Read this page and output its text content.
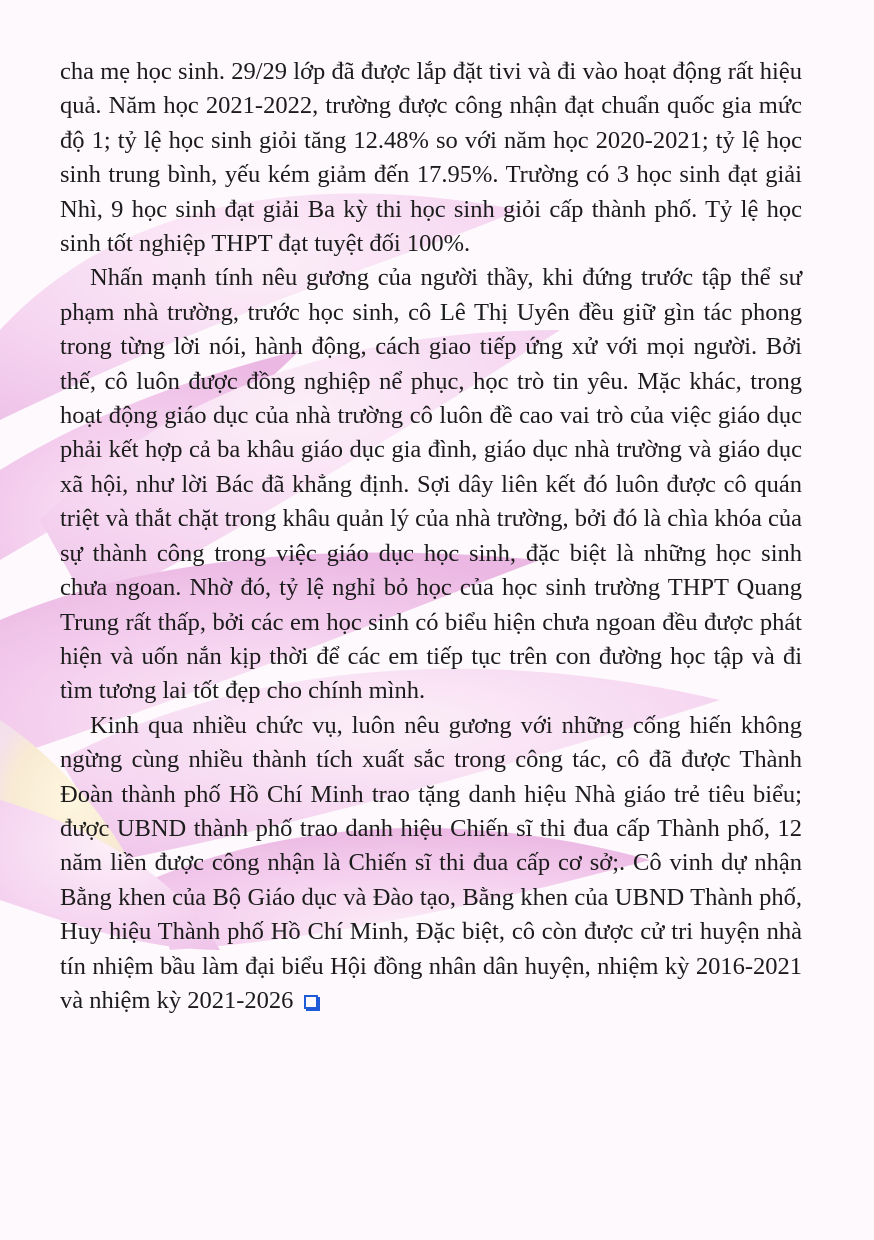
cha mẹ học sinh. 29/29 lớp đã được lắp đặt tivi và đi vào hoạt động rất hiệu quả. Năm học 2021-2022, trường được công nhận đạt chuẩn quốc gia mức độ 1; tỷ lệ học sinh giỏi tăng 12.48% so với năm học 2020-2021; tỷ lệ học sinh trung bình, yếu kém giảm đến 17.95%. Trường có 3 học sinh đạt giải Nhì, 9 học sinh đạt giải Ba kỳ thi học sinh giỏi cấp thành phố. Tỷ lệ học sinh tốt nghiệp THPT đạt tuyệt đối 100%.

Nhấn mạnh tính nêu gương của người thầy, khi đứng trước tập thể sư phạm nhà trường, trước học sinh, cô Lê Thị Uyên đều giữ gìn tác phong trong từng lời nói, hành động, cách giao tiếp ứng xử với mọi người. Bởi thế, cô luôn được đồng nghiệp nể phục, học trò tin yêu. Mặc khác, trong hoạt động giáo dục của nhà trường cô luôn đề cao vai trò của việc giáo dục phải kết hợp cả ba khâu giáo dục gia đình, giáo dục nhà trường và giáo dục xã hội, như lời Bác đã khẳng định. Sợi dây liên kết đó luôn được cô quán triệt và thắt chặt trong khâu quản lý của nhà trường, bởi đó là chìa khóa của sự thành công trong việc giáo dục học sinh, đặc biệt là những học sinh chưa ngoan. Nhờ đó, tỷ lệ nghỉ bỏ học của học sinh trường THPT Quang Trung rất thấp, bởi các em học sinh có biểu hiện chưa ngoan đều được phát hiện và uốn nắn kịp thời để các em tiếp tục trên con đường học tập và đi tìm tương lai tốt đẹp cho chính mình.

Kinh qua nhiều chức vụ, luôn nêu gương với những cống hiến không ngừng cùng nhiều thành tích xuất sắc trong công tác, cô đã được Thành Đoàn thành phố Hồ Chí Minh trao tặng danh hiệu Nhà giáo trẻ tiêu biểu; được UBND thành phố trao danh hiệu Chiến sĩ thi đua cấp Thành phố, 12 năm liền được công nhận là Chiến sĩ thi đua cấp cơ sở;. Cô vinh dự nhận Bằng khen của Bộ Giáo dục và Đào tạo, Bằng khen của UBND Thành phố, Huy hiệu Thành phố Hồ Chí Minh, Đặc biệt, cô còn được cử tri huyện nhà tín nhiệm bầu làm đại biểu Hội đồng nhân dân huyện, nhiệm kỳ 2016-2021 và nhiệm kỳ 2021-2026
